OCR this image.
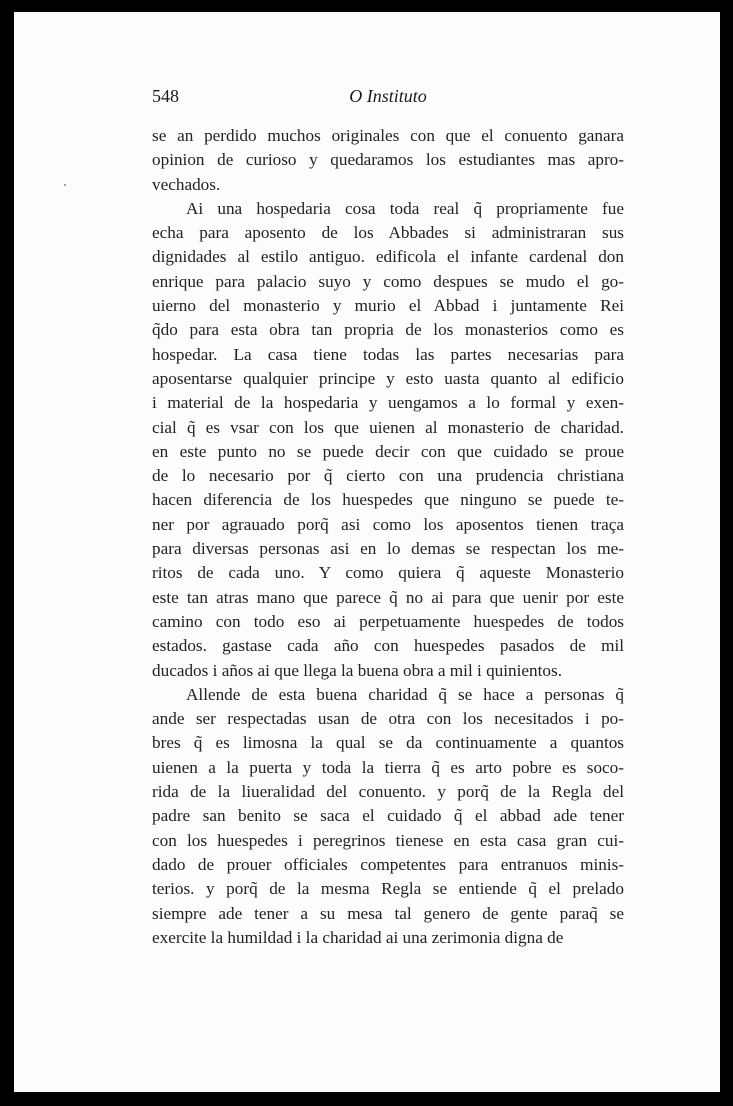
548	O Instituto
se an perdido muchos originales con que el conuento ganara
opinion de curioso y quedaramos los estudiantes mas apro-
vechados.
Ai una hospedaria cosa toda real q̃ propriamente fue
echa para aposento de los Abbades si administraran sus
dignidades al estilo antiguo. edificola el infante cardenal don
enrique para palacio suyo y como despues se mudo el go-
uierno del monasterio y murio el Abbad i juntamente Rei
q̃do para esta obra tan propria de los monasterios como es
hospedar. La casa tiene todas las partes necesarias para
aposentarse qualquier principe y esto uasta quanto al edificio
i material de la hospedaria y uengamos a lo formal y exen-
cial q̃ es vsar con los que uienen al monasterio de charidad.
en este punto no se puede decir con que cuidado se proue
de lo necesario por q̃ cierto con una prudencia christiana
hacen diferencia de los huespedes que ninguno se puede te-
ner por agrauado porq̃ asi como los aposentos tienen traça
para diversas personas asi en lo demas se respectan los me-
ritos de cada uno. Y como quiera q̃ aqueste Monasterio
este tan atras mano que parece q̃ no ai para que uenir por este
camino con todo eso ai perpetuamente huespedes de todos
estados. gastase cada año con huespedes pasados de mil
ducados i años ai que llega la buena obra a mil i quinientos.
Allende de esta buena charidad q̃ se hace a personas q̃
ande ser respectadas usan de otra con los necesitados i po-
bres q̃ es limosna la qual se da continuamente a quantos
uienen a la puerta y toda la tierra q̃ es arto pobre es soco-
rida de la liueralidad del conuento. y porq̃ de la Regla del
padre san benito se saca el cuidado q̃ el abbad ade tener
con los huespedes i peregrinos tienese en esta casa gran cui-
dado de prouer officiales competentes para entranuos minis-
terios. y porq̃ de la mesma Regla se entiende q̃ el prelado
siempre ade tener a su mesa tal genero de gente paraq̃ se
exercite la humildad i la charidad ai una zerimonia digna de
